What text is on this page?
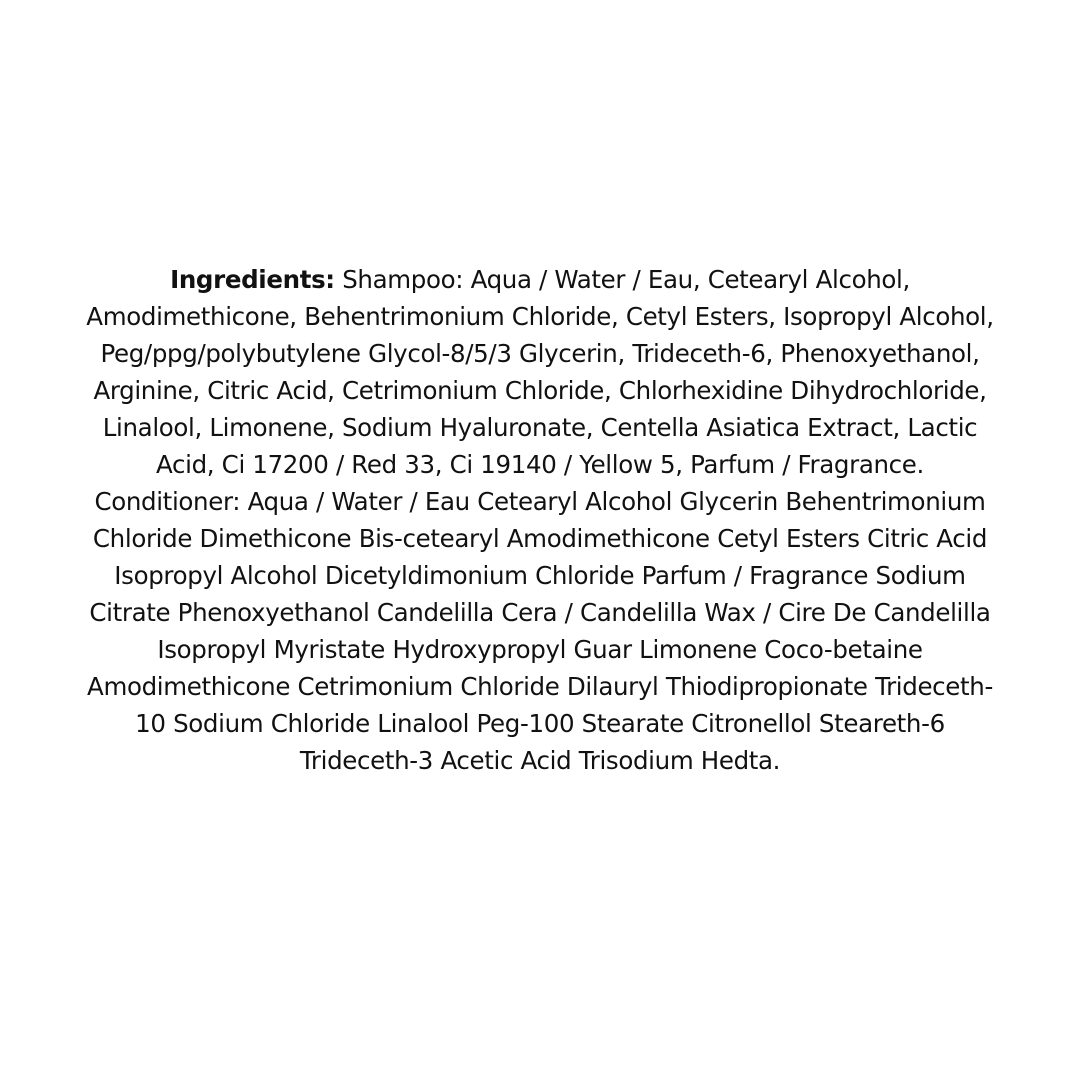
Ingredients: Shampoo: Aqua / Water / Eau, Cetearyl Alcohol, Amodimethicone, Behentrimonium Chloride, Cetyl Esters, Isopropyl Alcohol, Peg/ppg/polybutylene Glycol-8/5/3 Glycerin, Trideceth-6, Phenoxyethanol, Arginine, Citric Acid, Cetrimonium Chloride, Chlorhexidine Dihydrochloride, Linalool, Limonene, Sodium Hyaluronate, Centella Asiatica Extract, Lactic Acid, Ci 17200 / Red 33, Ci 19140 / Yellow 5, Parfum / Fragrance.

Conditioner: Aqua / Water / Eau Cetearyl Alcohol Glycerin Behentrimonium Chloride Dimethicone Bis-cetearyl Amodimethicone Cetyl Esters Citric Acid Isopropyl Alcohol Dicetyldimonium Chloride Parfum / Fragrance Sodium Citrate Phenoxyethanol Candelilla Cera / Candelilla Wax / Cire De Candelilla Isopropyl Myristate Hydroxypropyl Guar Limonene Coco-betaine Amodimethicone Cetrimonium Chloride Dilauryl Thiodipropionate Trideceth-10 Sodium Chloride Linalool Peg-100 Stearate Citronellol Steareth-6 Trideceth-3 Acetic Acid Trisodium Hedta.
